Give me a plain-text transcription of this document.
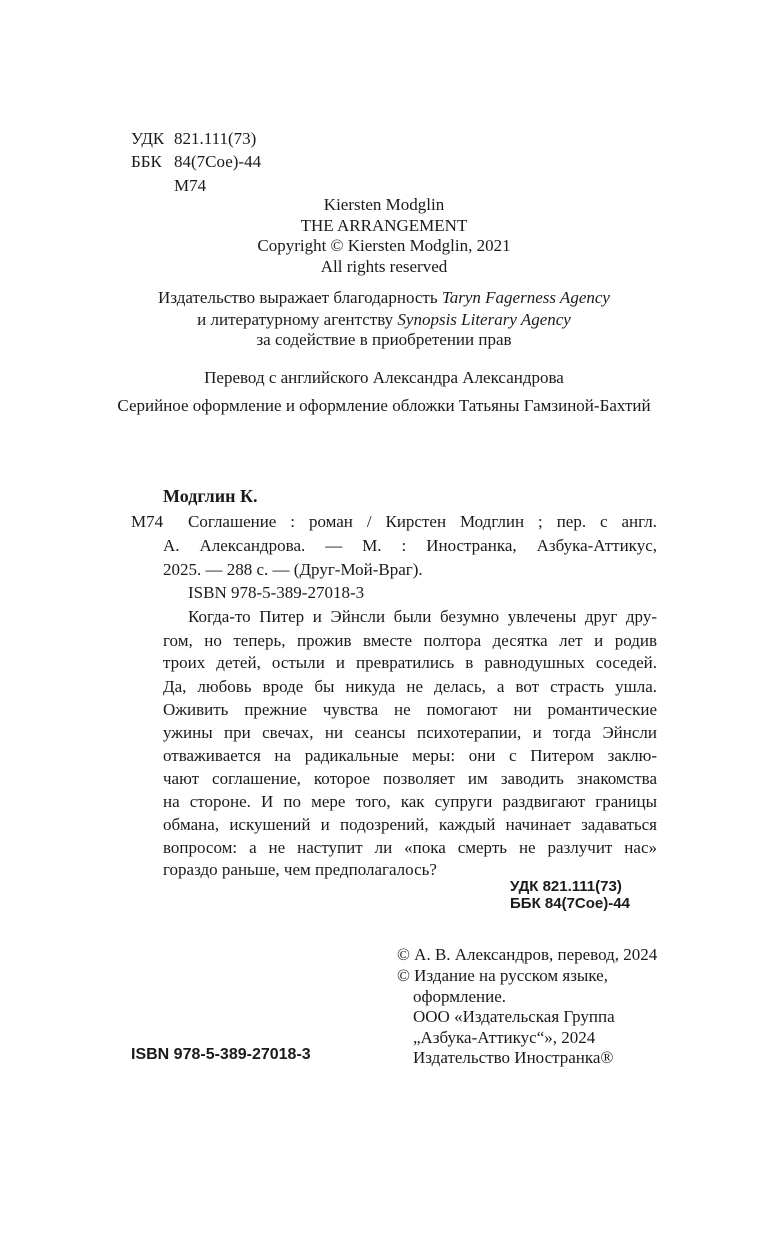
УДК 821.111(73)
ББК 84(7Сое)-44
М74
Kiersten Modglin
THE ARRANGEMENT
Copyright © Kiersten Modglin, 2021
All rights reserved
Издательство выражает благодарность Taryn Fagerness Agency
и литературному агентству Synopsis Literary Agency
за содействие в приобретении прав
Перевод с английского Александра Александрова
Серийное оформление и оформление обложки Татьяны Гамзиной-Бахтий
Модглин К.
М74 Соглашение : роман / Кирстен Модглин ; пер. с англ.
А. Александрова. — М. : Иностранка, Азбука-Аттикус,
2025. — 288 с. — (Друг-Мой-Враг).
ISBN 978-5-389-27018-3
Когда-то Питер и Эйнсли были безумно увлечены друг дру-
гом, но теперь, прожив вместе полтора десятка лет и родив
троих детей, остыли и превратились в равнодушных соседей.
Да, любовь вроде бы никуда не делась, а вот страсть ушла.
Оживить прежние чувства не помогают ни романтические
ужины при свечах, ни сеансы психотерапии, и тогда Эйнсли
отваживается на радикальные меры: они с Питером заклю-
чают соглашение, которое позволяет им заводить знакомства
на стороне. И по мере того, как супруги раздвигают границы
обмана, искушений и подозрений, каждый начинает задаваться
вопросом: а не наступит ли «пока смерть не разлучит нас»
гораздо раньше, чем предполагалось?
УДК 821.111(73)
ББК 84(7Сое)-44
© А. В. Александров, перевод, 2024
© Издание на русском языке,
оформление.
ООО «Издательская Группа
„Азбука-Аттикус“», 2024
Издательство Иностранка®
ISBN 978-5-389-27018-3
